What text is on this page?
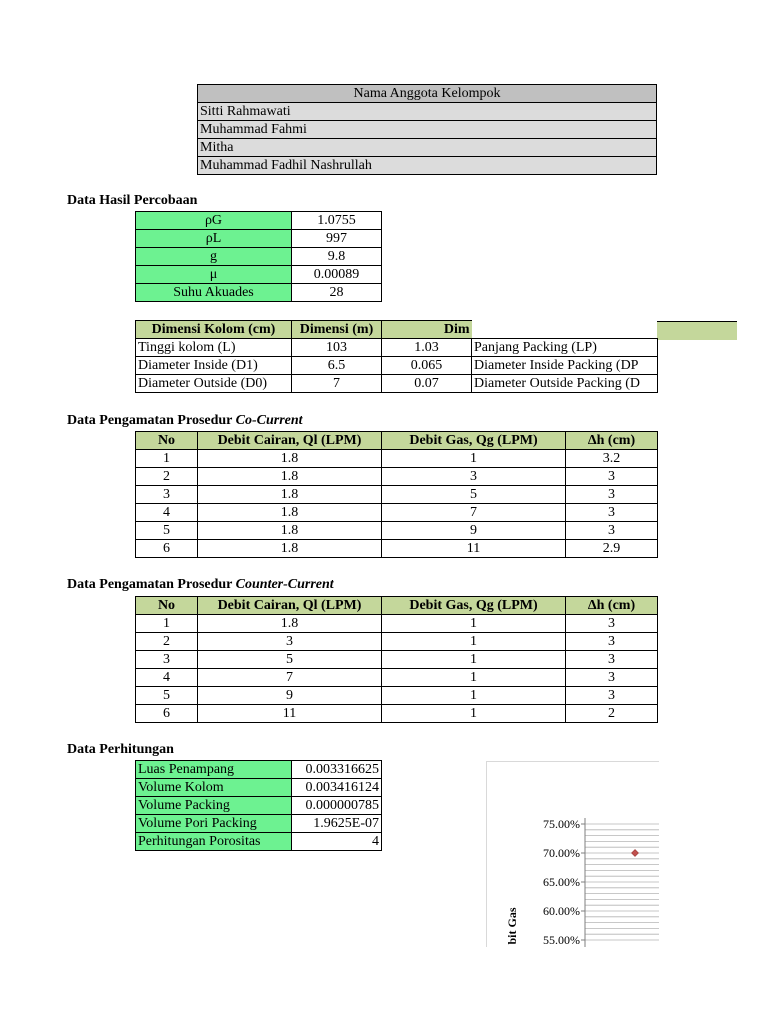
Nama Anggota Kelompok
Sitti Rahmawati
Muhammad Fahmi
Mitha
Muhammad Fadhil Nashrullah
Data Hasil Percobaan
ρG	1.0755
ρL	997
g	9.8
μ	0.00089
Suhu Akuades	28
Dimensi Kolom (cm)	Dimensi (m)	Dim	
Tinggi kolom (L)	103	1.03	Panjang Packing (LP)
Diameter Inside (D1)	6.5	0.065	Diameter Inside Packing (DP
Diameter Outside (D0)	7	0.07	Diameter Outside Packing (D
Data Pengamatan Prosedur Co-Current
No	Debit Cairan, Ql (LPM)	Debit Gas, Qg (LPM)	Δh (cm)
1	1.8	1	3.2
2	1.8	3	3
3	1.8	5	3
4	1.8	7	3
5	1.8	9	3
6	1.8	11	2.9
Data Pengamatan Prosedur Counter-Current
No	Debit Cairan, Ql (LPM)	Debit Gas, Qg (LPM)	Δh (cm)
1	1.8	1	3
2	3	1	3
3	5	1	3
4	7	1	3
5	9	1	3
6	11	1	2
Data Perhitungan
Luas Penampang	0.003316625
Volume Kolom	0.003416124
Volume Packing	0.000000785
Volume Pori Packing	1.9625E-07
Perhitungan Porositas	4
75.00%
70.00%
65.00%
60.00%
55.00%
bit Gas
